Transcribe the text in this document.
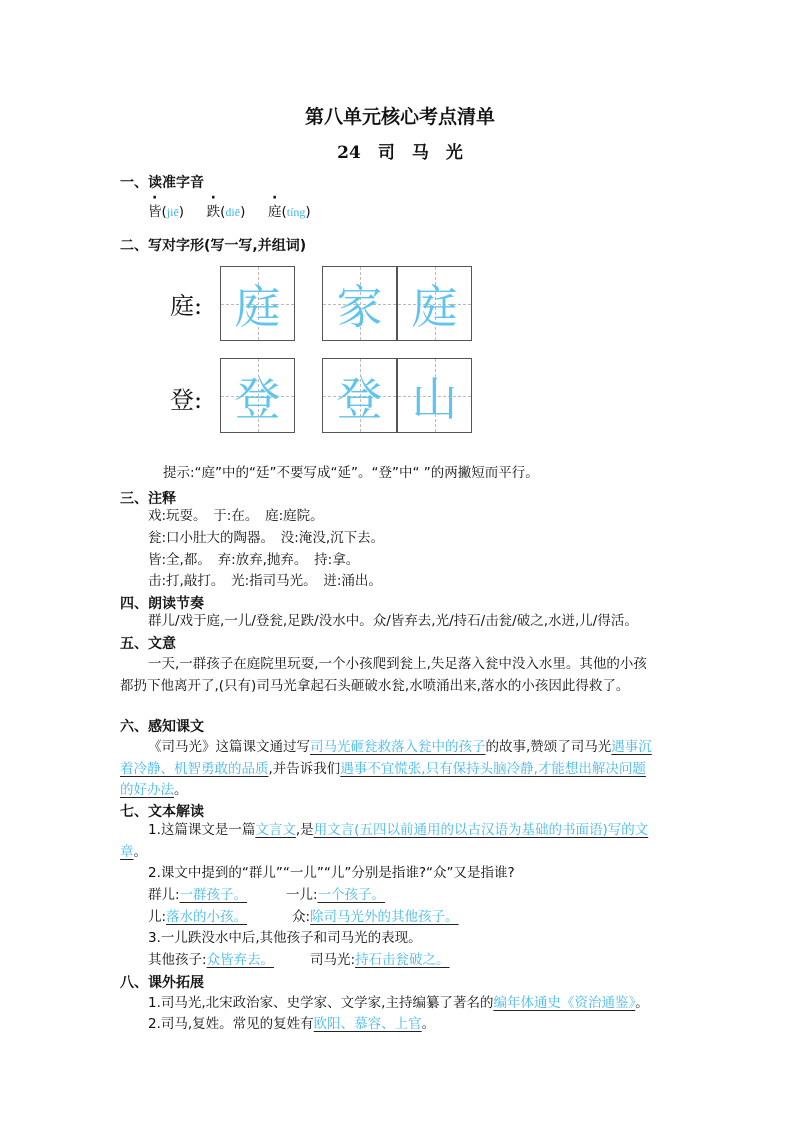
第八单元核心考点清单
24　司　马　光
一、读准字音
皆(jiē)  跌(diē)  庭(tíng)
二、写对字形(写一写,并组词)
庭: 庭 家 庭
登: 登 登 山
提示:“庭”中的“廷”不要写成“延”。“登”中“ ”的两撇短而平行。
三、注释
戏:玩耍。　于:在。　庭:庭院。
瓮:口小肚大的陶器。　没:淹没,沉下去。
皆:全,都。　弃:放弃,抛弃。　持:拿。
击:打,敲打。　光:指司马光。　迸:涌出。
四、朗读节奏
群儿/戏于庭,一儿/登瓮,足跌/没水中。众/皆弃去,光/持石/击瓮/破之,水迸,儿/得活。
五、文意
一天,一群孩子在庭院里玩耍,一个小孩爬到瓮上,失足落入瓮中没入水里。其他的小孩
都扔下他离开了,(只有)司马光拿起石头砸破水瓮,水喷涌出来,落水的小孩因此得救了。
六、感知课文
《司马光》这篇课文通过写司马光砸瓮救落入瓮中的孩子的故事,赞颂了司马光遇事沉
着冷静、机智勇敢的品质,并告诉我们遇事不宜慌张,只有保持头脑冷静,才能想出解决问题
的好办法。
七、文本解读
1.这篇课文是一篇文言文,是用文言(五四以前通用的以古汉语为基础的书面语)写的文
章。
2.课文中提到的“群儿”“一儿”“儿”分别是指谁?“众”又是指谁?
群儿:一群孩子。	一儿:一个孩子。
儿:落水的小孩。	众:除司马光外的其他孩子。
3.一儿跌没水中后,其他孩子和司马光的表现。
其他孩子:众皆弃去。	司马光:持石击瓮破之。
八、课外拓展
1.司马光,北宋政治家、史学家、文学家,主持编纂了著名的编年体通史《资治通鉴》。
2.司马,复姓。常见的复姓有欧阳、慕容、上官。
